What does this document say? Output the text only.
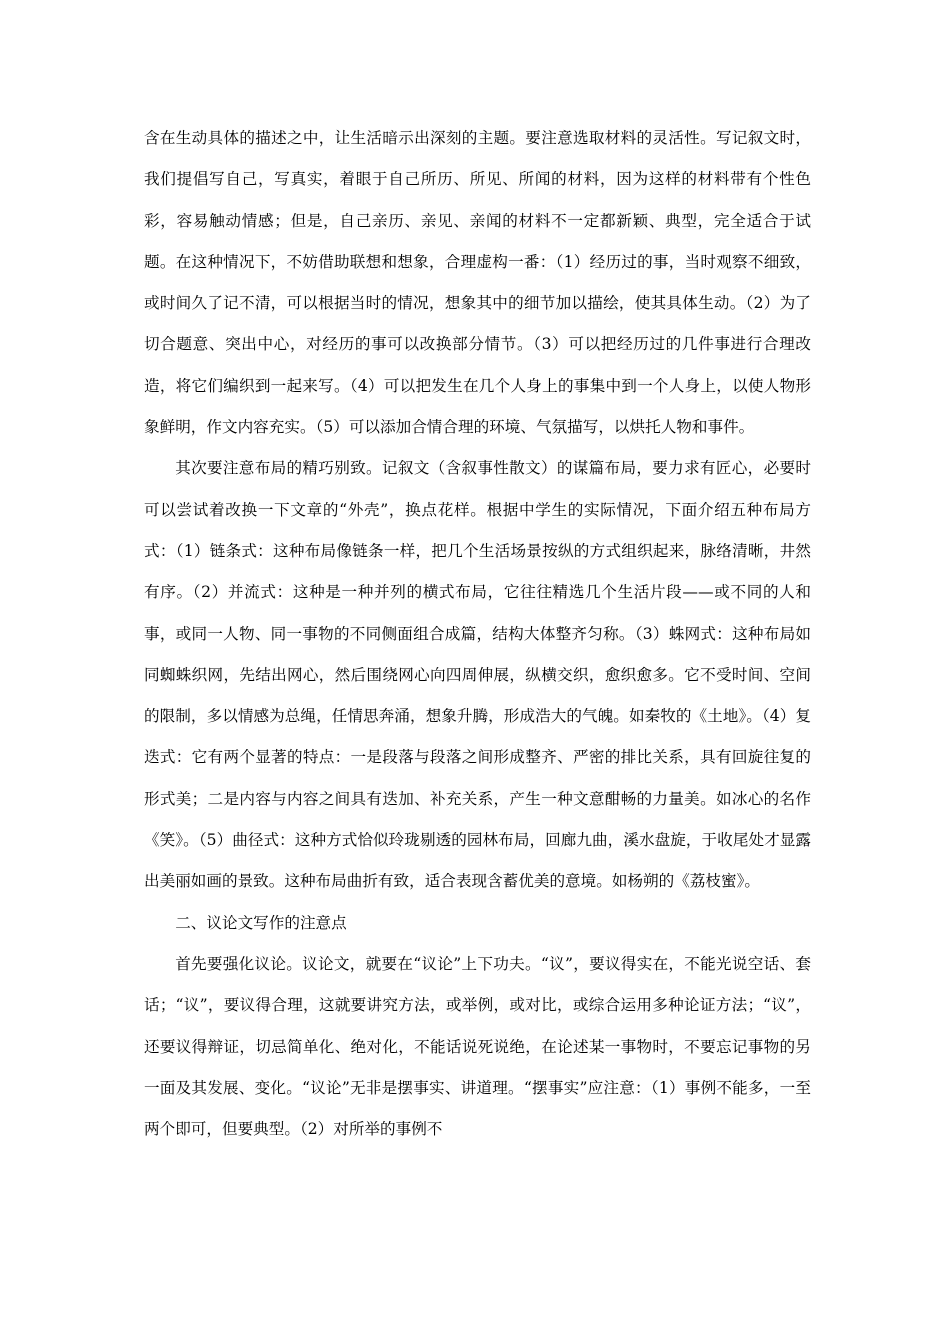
含在生动具体的描述之中，让生活暗示出深刻的主题。要注意选取材料的灵活性。写记叙文时，我们提倡写自己，写真实，着眼于自己所历、所见、所闻的材料，因为这样的材料带有个性色彩，容易触动情感；但是，自己亲历、亲见、亲闻的材料不一定都新颖、典型，完全适合于试题。在这种情况下，不妨借助联想和想象，合理虚构一番：（1）经历过的事，当时观察不细致，或时间久了记不清，可以根据当时的情况，想象其中的细节加以描绘，使其具体生动。（2）为了切合题意、突出中心，对经历的事可以改换部分情节。（3）可以把经历过的几件事进行合理改造，将它们编织到一起来写。（4）可以把发生在几个人身上的事集中到一个人身上，以使人物形象鲜明，作文内容充实。（5）可以添加合情合理的环境、气氛描写，以烘托人物和事件。

其次要注意布局的精巧别致。记叙文（含叙事性散文）的谋篇布局，要力求有匠心，必要时可以尝试着改换一下文章的“外壳”，换点花样。根据中学生的实际情况，下面介绍五种布局方式：（1）链条式：这种布局像链条一样，把几个生活场景按纵的方式组织起来，脉络清晰，井然有序。（2）并流式：这种是一种并列的横式布局，它往往精选几个生活片段——或不同的人和事，或同一人物、同一事物的不同侧面组合成篇，结构大体整齐匀称。（3）蛛网式：这种布局如同蜘蛛织网，先结出网心，然后围绕网心向四周伸展，纵横交织，愈织愈多。它不受时间、空间的限制，多以情感为总绳，任情思奔涌，想象升腾，形成浩大的气魄。如秦牧的《土地》。（4）复迭式：它有两个显著的特点：一是段落与段落之间形成整齐、严密的排比关系，具有回旋往复的形式美；二是内容与内容之间具有迭加、补充关系，产生一种文意酣畅的力量美。如冰心的名作《笑》。（5）曲径式：这种方式恰似玲珑剔透的园林布局，回廊九曲，溪水盘旋，于收尾处才显露出美丽如画的景致。这种布局曲折有致，适合表现含蓄优美的意境。如杨朔的《荔枝蜜》。

二、议论文写作的注意点

首先要强化议论。议论文，就要在“议论”上下功夫。“议”，要议得实在，不能光说空话、套话；“议”，要议得合理，这就要讲究方法，或举例，或对比，或综合运用多种论证方法；“议”，还要议得辩证，切忌简单化、绝对化，不能话说死说绝，在论述某一事物时，不要忘记事物的另一面及其发展、变化。“议论”无非是摆事实、讲道理。“摆事实”应注意：（1）事例不能多，一至两个即可，但要典型。（2）对所举的事例不
